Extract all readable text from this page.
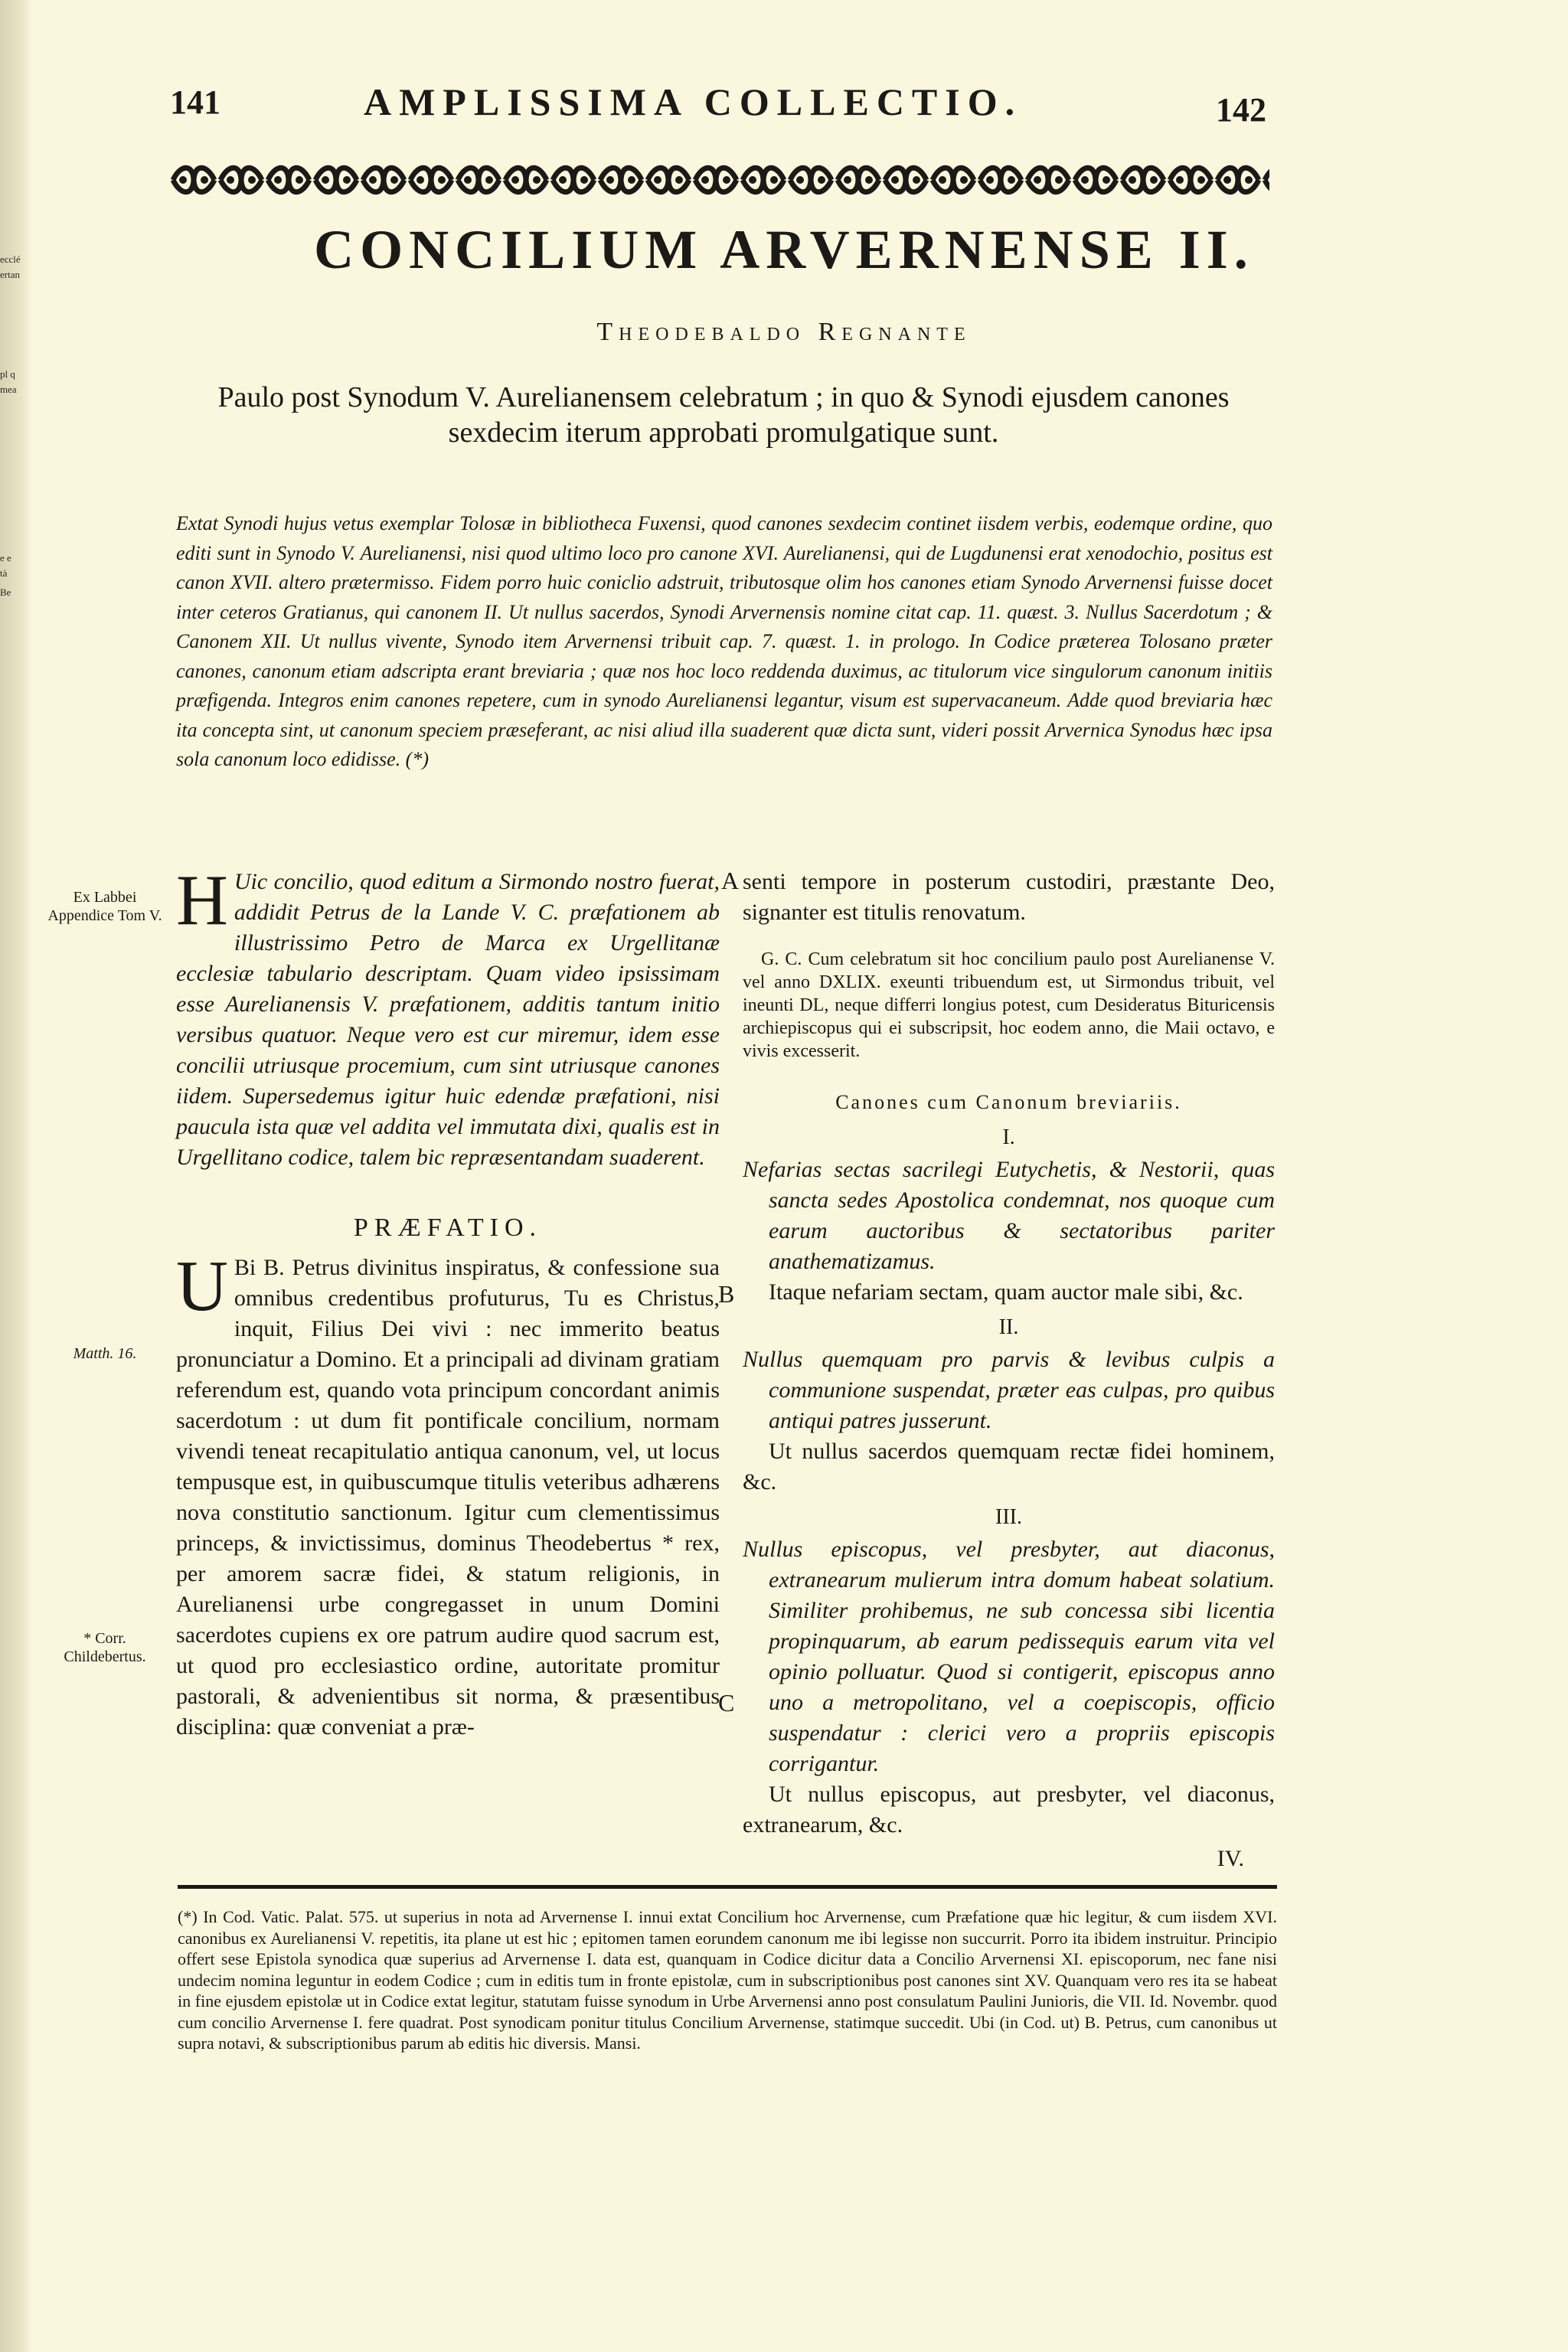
ecclé
ertan
pl q
mea
e e
tà
Be
141	AMPLISSIMA COLLECTIO.	142
CONCILIUM ARVERNENSE II.
Theodebaldo Regnante
Paulo post Synodum V. Aurelianensem celebratum ; in quo & Synodi ejusdem canones sexdecim iterum approbati promulgatique sunt.
Extat Synodi hujus vetus exemplar Tolosæ in bibliotheca Fuxensi, quod canones sexdecim continet iisdem verbis, eodemque ordine, quo editi sunt in Synodo V. Aurelianensi, nisi quod ultimo loco pro canone XVI. Aurelianensi, qui de Lugdunensi erat xenodochio, positus est canon XVII. altero prætermisso. Fidem porro huic coniclio adstruit, tributosque olim hos canones etiam Synodo Arvernensi fuisse docet inter ceteros Gratianus, qui canonem II. Ut nullus sacerdos, Synodi Arvernensis nomine citat cap. 11. quæst. 3. Nullus Sacerdotum ; & Canonem XII. Ut nullus vivente, Synodo item Arvernensi tribuit cap. 7. quæst. 1. in prologo. In Codice præterea Tolosano præter canones, canonum etiam adscripta erant breviaria ; quæ nos hoc loco reddenda duximus, ac titulorum vice singulorum canonum initiis præfigenda. Integros enim canones repetere, cum in synodo Aurelianensi legantur, visum est supervacaneum. Adde quod breviaria hæc ita concepta sint, ut canonum speciem præseferant, ac nisi aliud illa suaderent quæ dicta sunt, videri possit Arvernica Synodus hæc ipsa sola canonum loco edidisse. (*)
H Uic concilio, quod editum a Sirmondo nostro fuerat, addidit Petrus de la Lande V. C. præfationem ab illustrissimo Petro de Marca ex Urgellitanæ ecclesiæ tabulario descriptam. Quam video ipsissimam esse Aurelianensis V. præfationem, additis tantum initio versibus quatuor. Neque vero est cur miremur, idem esse concilii utriusque procemium, cum sint utriusque canones iidem. Supersedemus igitur huic edendæ præfationi, nisi paucula ista quæ vel addita vel immutata dixi, qualis est in Urgellitano codice, talem bic repræsentandam suaderent.
PRÆFATIO.
U Bi B. Petrus divinitus inspiratus, & confessione sua omnibus credentibus profuturus, Tu es Christus, inquit, Filius Dei vivi : nec immerito beatus pronunciatur a Domino. Et a principali ad divinam gratiam referendum est, quando vota principum concordant animis sacerdotum : ut dum fit pontificale concilium, normam vivendi teneat recapitulatio antiqua canonum, vel, ut locus tempusque est, in quibuscumque titulis veteribus adhærens nova constitutio sanctionum. Igitur cum clementissimus princeps, & invictissimus, dominus Theodebertus * rex, per amorem sacræ fidei, & statum religionis, in Aurelianensi urbe congregasset in unum Domini sacerdotes cupiens ex ore patrum audire quod sacrum est, ut quod pro ecclesiastico ordine, autoritate promitur pastorali, & advenientibus sit norma, & præsentibus disciplina: quæ conveniat a præ-
senti tempore in posterum custodiri, præstante Deo, signanter est titulis renovatum.
G. C. Cum celebratum sit hoc concilium paulo post Aurelianense V. vel anno DXLIX. exeunti tribuendum est, ut Sirmondus tribuit, vel ineunti DL, neque differri longius potest, cum Desideratus Bituricensis archiepiscopus qui ei subscripsit, hoc eodem anno, die Maii octavo, e vivis excesserit.
Canones cum Canonum breviariis.
I.
Nefarias sectas sacrilegi Eutychetis, & Nestorii, quas sancta sedes Apostolica condemnat, nos quoque cum earum auctoribus & sectatoribus pariter anathematizamus.
Itaque nefariam sectam, quam auctor male sibi, &c.
II.
Nullus quemquam pro parvis & levibus culpis a communione suspendat, præter eas culpas, pro quibus antiqui patres jusserunt.
Ut nullus sacerdos quemquam rectæ fidei hominem, &c.
III.
Nullus episcopus, vel presbyter, aut diaconus, extranearum mulierum intra domum habeat solatium. Similiter prohibemus, ne sub concessa sibi licentia propinquarum, ab earum pedissequis earum vita vel opinio polluatur. Quod si contigerit, episcopus anno uno a metropolitano, vel a coepiscopis, officio suspendatur : clerici vero a propriis episcopis corrigantur.
Ut nullus episcopus, aut presbyter, vel diaconus, extranearum, &c.
IV.
Ex Labbei Appendice Tom V.
Matth. 16.
* Corr. Childebertus.
A
B
C
(*) In Cod. Vatic. Palat. 575. ut superius in nota ad Arvernense I. innui extat Concilium hoc Arvernense, cum Præfatione quæ hic legitur, & cum iisdem XVI. canonibus ex Aurelianensi V. repetitis, ita plane ut est hic ; epitomen tamen eorundem canonum me ibi legisse non succurrit. Porro ita ibidem instruitur. Principio offert sese Epistola synodica quæ superius ad Arvernense I. data est, quanquam in Codice dicitur data a Concilio Arvernensi XI. episcoporum, nec fane nisi undecim nomina leguntur in eodem Codice ; cum in editis tum in fronte epistolæ, cum in subscriptionibus post canones sint XV. Quanquam vero res ita se habeat in fine ejusdem epistolæ ut in Codice extat legitur, statutam fuisse synodum in Urbe Arvernensi anno post consulatum Paulini Junioris, die VII. Id. Novembr. quod cum concilio Arvernense I. fere quadrat. Post synodicam ponitur titulus Concilium Arvernense, statimque succedit. Ubi (in Cod. ut) B. Petrus, cum canonibus ut supra notavi, & subscriptionibus parum ab editis hic diversis. Mansi.
